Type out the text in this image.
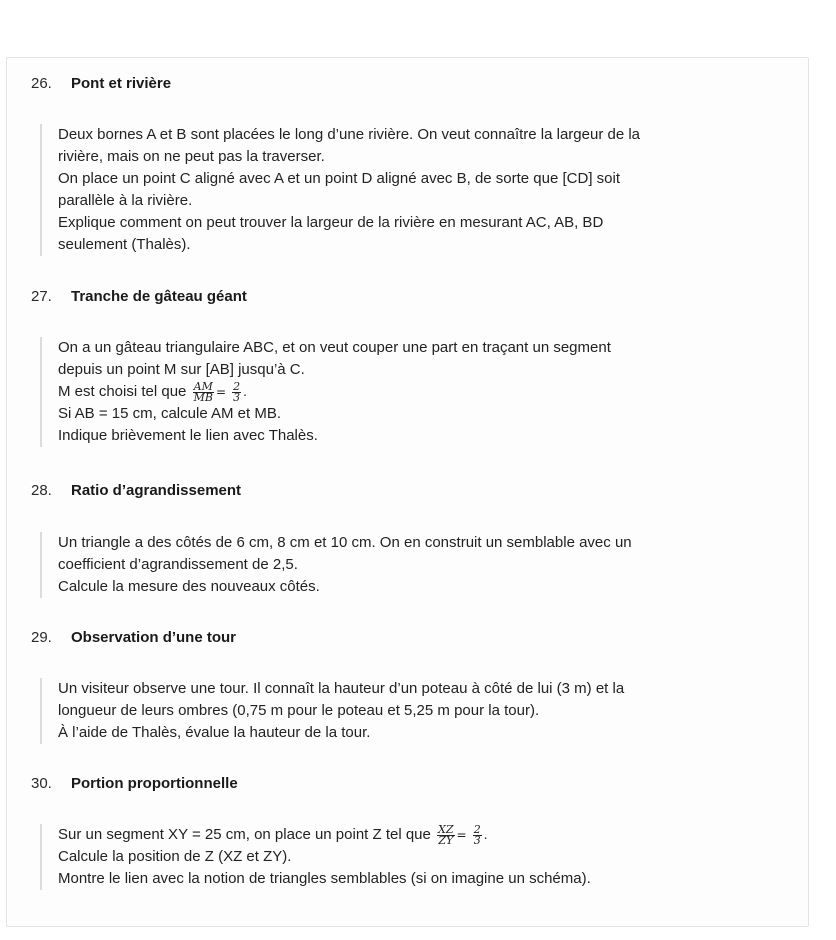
26. Pont et rivière
Deux bornes A et B sont placées le long d’une rivière. On veut connaître la largeur de la
rivière, mais on ne peut pas la traverser.
On place un point C aligné avec A et un point D aligné avec B, de sorte que [CD] soit
parallèle à la rivière.
Explique comment on peut trouver la largeur de la rivière en mesurant AC, AB, BD
seulement (Thalès).
27. Tranche de gâteau géant
On a un gâteau triangulaire ABC, et on veut couper une part en traçant un segment
depuis un point M sur [AB] jusqu’à C.
M est choisi tel que $\frac{AM}{MB} = \frac{2}{3}$ .
Si AB = 15 cm, calcule AM et MB.
Indique brièvement le lien avec Thalès.
28. Ratio d’agrandissement
Un triangle a des côtés de 6 cm, 8 cm et 10 cm. On en construit un semblable avec un
coefficient d’agrandissement de 2,5.
Calcule la mesure des nouveaux côtés.
29. Observation d’une tour
Un visiteur observe une tour. Il connaît la hauteur d’un poteau à côté de lui (3 m) et la
longueur de leurs ombres (0,75 m pour le poteau et 5,25 m pour la tour).
À l’aide de Thalès, évalue la hauteur de la tour.
30. Portion proportionnelle
Sur un segment XY = 25 cm, on place un point Z tel que $\frac{XZ}{ZY} = \frac{2}{3}$ .
Calcule la position de Z (XZ et ZY).
Montre le lien avec la notion de triangles semblables (si on imagine un schéma).
